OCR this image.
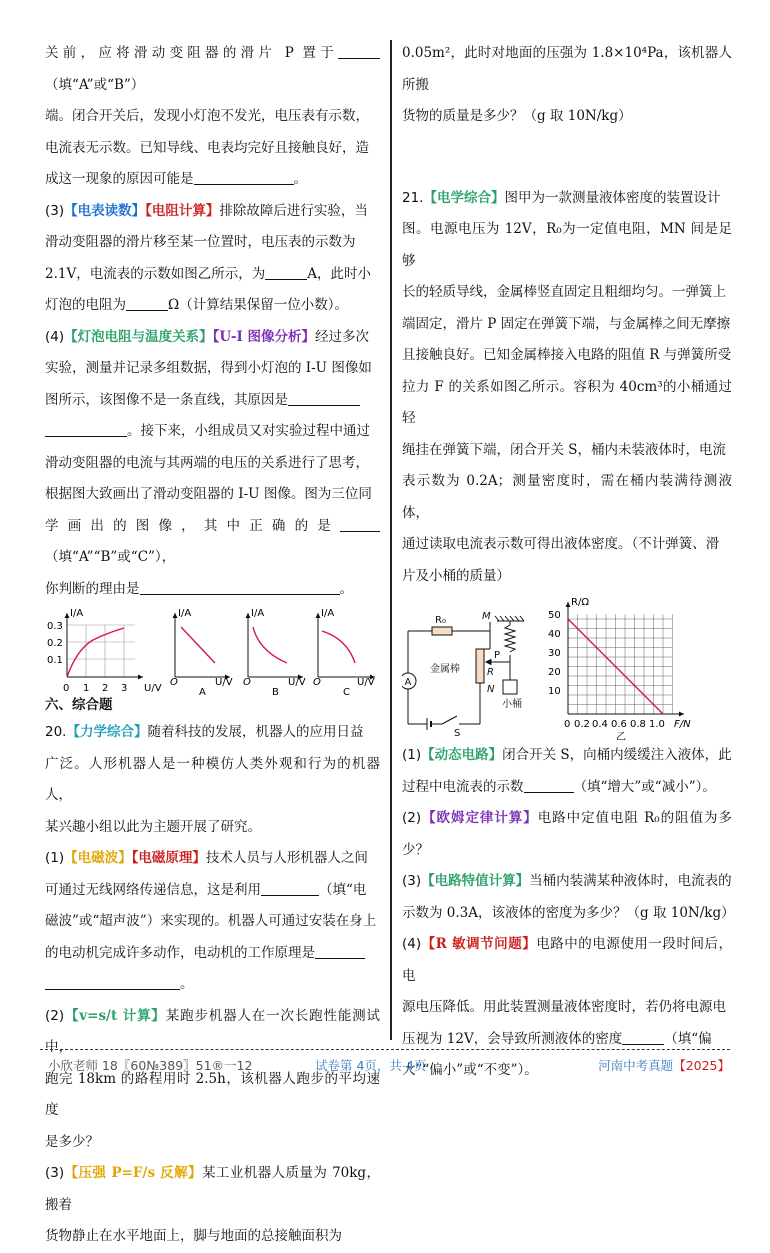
关前，应将滑动变阻器的滑片 P 置于（填“A”或“B”）

端。闭合开关后，发现小灯泡不发光，电压表有示数，

电流表无示数。已知导线、电表均完好且接触良好，造

成这一现象的原因可能是	。

(3)【电表读数】【电阻计算】排除故障后进行实验，当

滑动变阻器的滑片移至某一位置时，电压表的示数为

2.1V，电流表的示数如图乙所示，为	A，此时小

灯泡的电阻为	Ω（计算结果保留一位小数）。

(4)【灯泡电阻与温度关系】【U-I 图像分析】经过多次

实验，测量并记录多组数据，得到小灯泡的 I-U 图像如

图所示，该图像不是一条直线，其原因是

。接下来，小组成员又对实验过程中通过

滑动变阻器的电流与其两端的电压的关系进行了思考，

根据图大致画出了滑动变阻器的 I-U 图像。图为三位同

学画出的图像，其中正确的是（填“A”“B”或“C”），

你判断的理由是	。

I/A
U/V
0.3
0.2
0.1
0 1 2 3
I/A
U/V
O
A
I/A
U/V
O
B
I/A
U/V
O
C

六、综合题

20.【力学综合】随着科技的发展，机器人的应用日益

广泛。人形机器人是一种模仿人类外观和行为的机器人，

某兴趣小组以此为主题开展了研究。

(1)【电磁波】【电磁原理】技术人员与人形机器人之间

可通过无线网络传递信息，这是利用	（填“电

磁波”或“超声波”）来实现的。机器人可通过安装在身上

的电动机完成许多动作，电动机的工作原理是

。

(2)【v=s/t 计算】某跑步机器人在一次长跑性能测试中，

跑完 18km 的路程用时 2.5h，该机器人跑步的平均速度

是多少？

(3)【压强 P=F/s 反解】某工业机器人质量为 70kg，搬着

货物静止在水平地面上，脚与地面的总接触面积为

0.05m²，此时对地面的压强为 1.8×10⁴Pa，该机器人所搬

货物的质量是多少？（g 取 10N/kg）

21.【电学综合】图甲为一款测量液体密度的装置设计

图。电源电压为 12V，R₀为一定值电阻，MN 间是足够

长的轻质导线，金属棒竖直固定且粗细均匀。一弹簧上

端固定，滑片 P 固定在弹簧下端，与金属棒之间无摩擦

且接触良好。已知金属棒接入电路的阻值 R 与弹簧所受

拉力 F 的关系如图乙所示。容积为 40cm³的小桶通过轻

绳挂在弹簧下端，闭合开关 S，桶内未装液体时，电流

表示数为 0.2A；测量密度时，需在桶内装满待测液体，

通过读取电流表示数可得出液体密度。（不计弹簧、滑

片及小桶的质量）

R₀	M
P
R
N
A
金属棒
小桶
S
R/Ω
F/N
50
40
30
20
10
0 0.2 0.4 0.6 0.8 1.0
乙

(1)【动态电路】闭合开关 S，向桶内缓缓注入液体，此

过程中电流表的示数	（填“增大”或“减小”）。

(2)【欧姆定律计算】电路中定值电阻 R₀的阻值为多少？

(3)【电路特值计算】当桶内装满某种液体时，电流表的

示数为 0.3A，该液体的密度为多少？（g 取 10N/kg）

(4)【R 敏调节问题】电路中的电源使用一段时间后，电

源电压降低。用此装置测量液体密度时，若仍将电源电

压视为 12V，会导致所测液体的密度	（填“偏

大”“偏小”或“不变”）。

小欣老师 18〖60№389〗51®一12	试卷第 4页，共 4页	河南中考真题【2025】
